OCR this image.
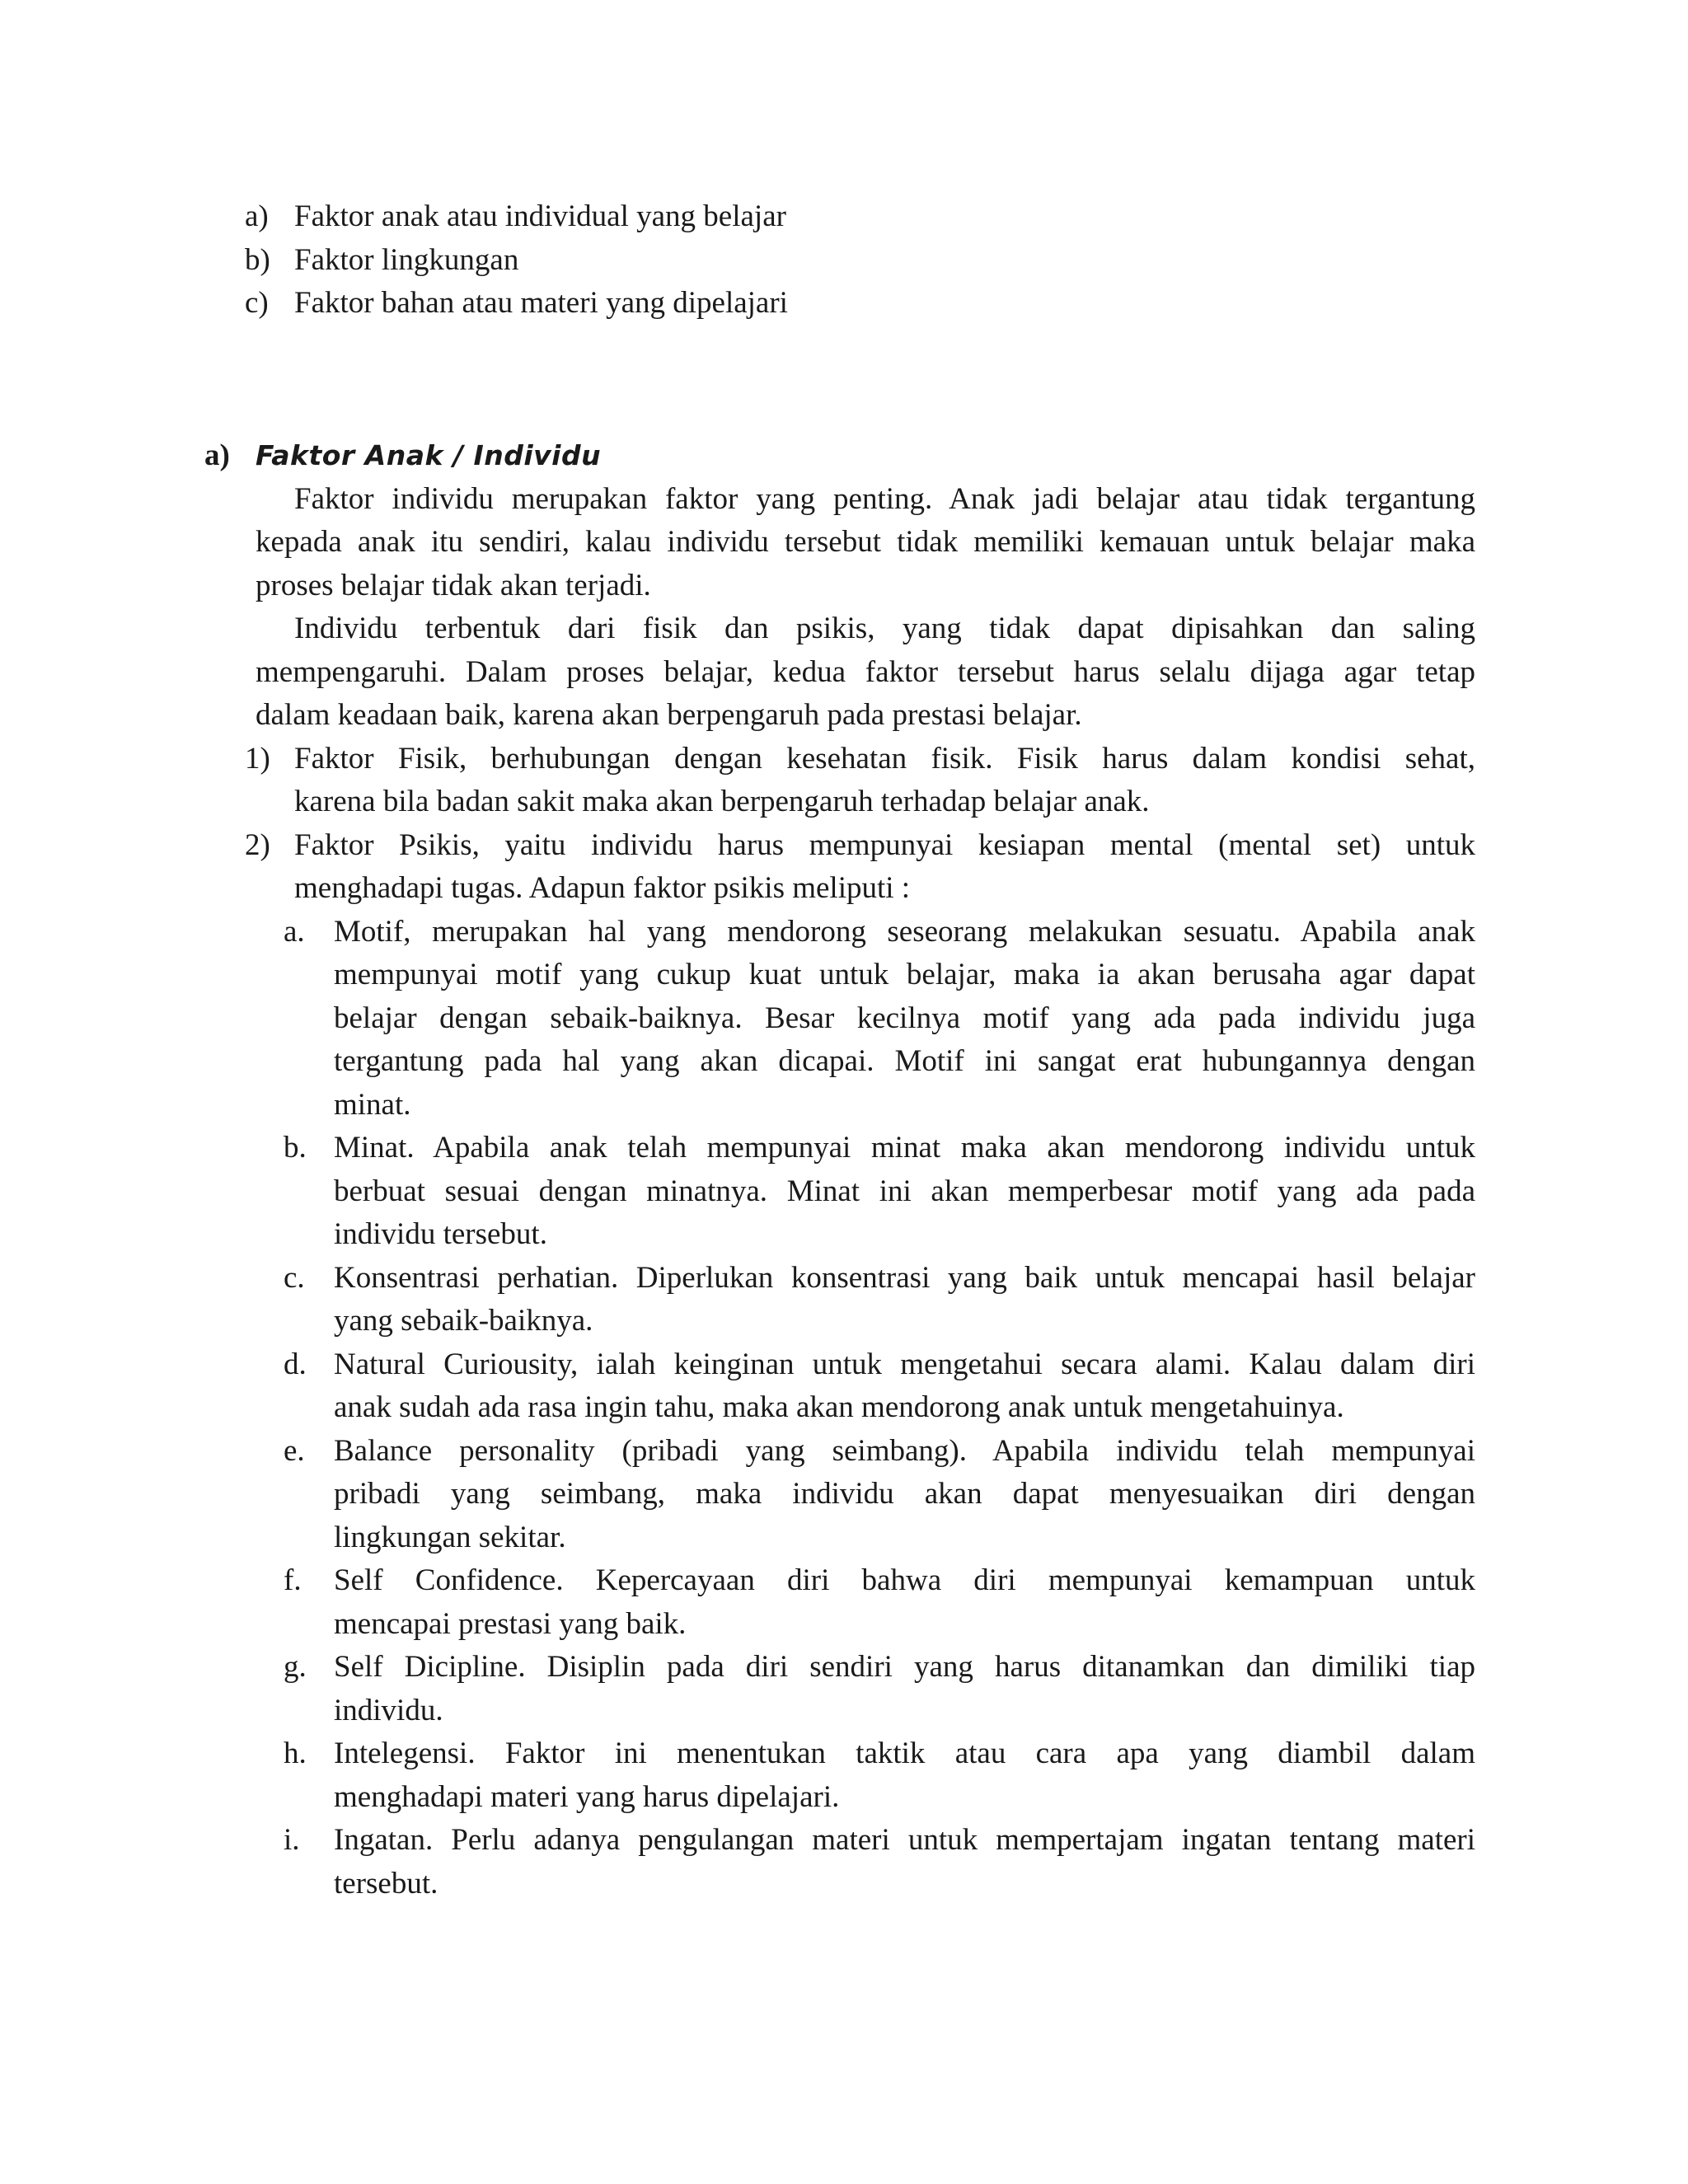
a) Faktor anak atau individual yang belajar
b) Faktor lingkungan
c) Faktor bahan atau materi yang dipelajari
a) Faktor Anak / Individu
Faktor individu merupakan faktor yang penting. Anak jadi belajar atau tidak tergantung
kepada anak itu sendiri, kalau individu tersebut tidak memiliki kemauan untuk belajar maka
proses belajar tidak akan terjadi.
Individu terbentuk dari fisik dan psikis, yang tidak dapat dipisahkan dan saling
mempengaruhi. Dalam proses belajar, kedua faktor tersebut harus selalu dijaga agar tetap
dalam keadaan baik, karena akan berpengaruh pada prestasi belajar.
1) Faktor Fisik, berhubungan dengan kesehatan fisik. Fisik harus dalam kondisi sehat,
karena bila badan sakit maka akan berpengaruh terhadap belajar anak.
2) Faktor Psikis, yaitu individu harus mempunyai kesiapan mental (mental set) untuk
menghadapi tugas. Adapun faktor psikis meliputi :
a. Motif, merupakan hal yang mendorong seseorang melakukan sesuatu. Apabila anak
mempunyai motif yang cukup kuat untuk belajar, maka ia akan berusaha agar dapat
belajar dengan sebaik-baiknya. Besar kecilnya motif yang ada pada individu juga
tergantung pada hal yang akan dicapai. Motif ini sangat erat hubungannya dengan
minat.
b. Minat. Apabila anak telah mempunyai minat maka akan mendorong individu untuk
berbuat sesuai dengan minatnya. Minat ini akan memperbesar motif yang ada pada
individu tersebut.
c. Konsentrasi perhatian. Diperlukan konsentrasi yang baik untuk mencapai hasil belajar
yang sebaik-baiknya.
d. Natural Curiousity, ialah keinginan untuk mengetahui secara alami. Kalau dalam diri
anak sudah ada rasa ingin tahu, maka akan mendorong anak untuk mengetahuinya.
e. Balance personality (pribadi yang seimbang). Apabila individu telah mempunyai
pribadi yang seimbang, maka individu akan dapat menyesuaikan diri dengan
lingkungan sekitar.
f. Self Confidence. Kepercayaan diri bahwa diri mempunyai kemampuan untuk
mencapai prestasi yang baik.
g. Self Dicipline. Disiplin pada diri sendiri yang harus ditanamkan dan dimiliki tiap
individu.
h. Intelegensi. Faktor ini menentukan taktik atau cara apa yang diambil dalam
menghadapi materi yang harus dipelajari.
i. Ingatan. Perlu adanya pengulangan materi untuk mempertajam ingatan tentang materi
tersebut.
